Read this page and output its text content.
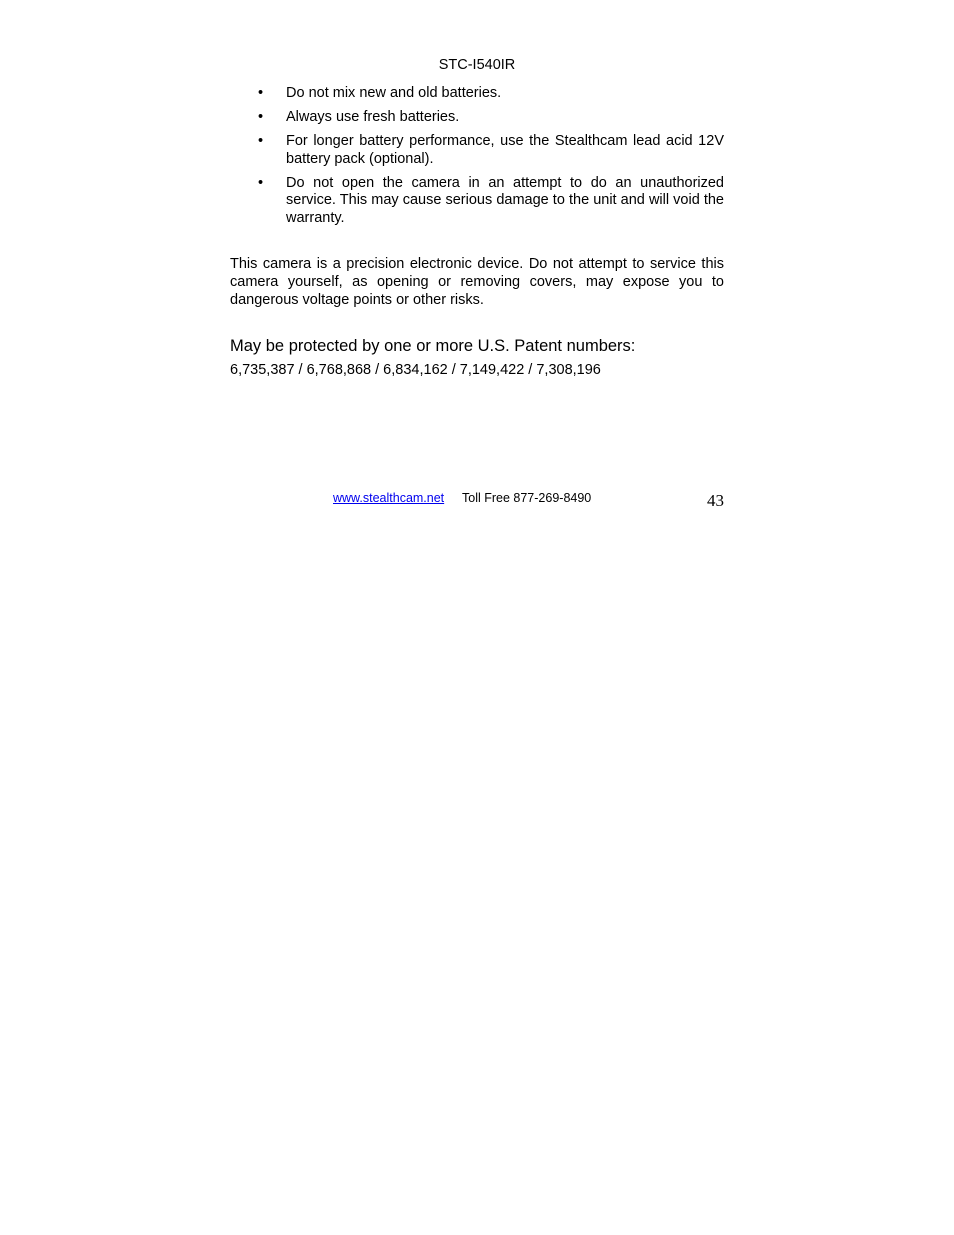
STC-I540IR
• Do not mix new and old batteries.
• Always use fresh batteries.
• For longer battery performance, use the Stealthcam lead acid 12V battery pack (optional).
• Do not open the camera in an attempt to do an unauthorized service. This may cause serious damage to the unit and will void the warranty.

This camera is a precision electronic device. Do not attempt to service this camera yourself, as opening or removing covers, may expose you to dangerous voltage points or other risks.

May be protected by one or more U.S. Patent numbers:

6,735,387 / 6,768,868 / 6,834,162 / 7,149,422 / 7,308,196

www.stealthcam.net Toll Free 877-269-8490	43
